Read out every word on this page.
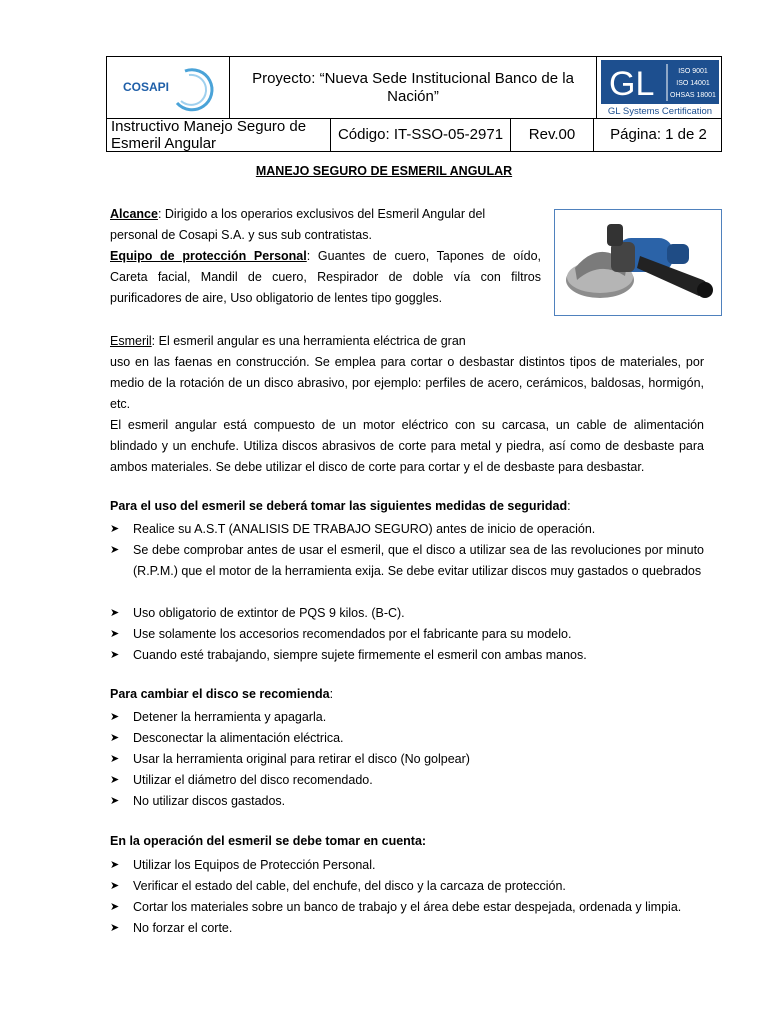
COSAPI
Proyecto: “Nueva Sede Institucional Banco de la Nación”	GL	ISO 9001
ISO 14001
OHSAS 18001
GL Systems Certification
Instructivo Manejo Seguro de Esmeril Angular
Código: IT-SSO-05-2971 Rev.00 Página: 1 de 2
MANEJO SEGURO DE ESMERIL ANGULAR
Alcance: Dirigido a los operarios exclusivos del Esmeril Angular del
personal de Cosapi S.A. y sus sub contratistas.
Equipo de protección Personal: Guantes de cuero, Tapones de oído, Careta facial, Mandil de cuero, Respirador de doble vía con filtros purificadores de aire, Uso obligatorio de lentes tipo goggles.
Esmeril: El esmeril angular es una herramienta eléctrica de gran
uso en las faenas en construcción. Se emplea para cortar o desbastar distintos tipos de materiales, por medio de la rotación de un disco abrasivo, por ejemplo: perfiles de acero, cerámicos, baldosas, hormigón, etc.
El esmeril angular está compuesto de un motor eléctrico con su carcasa, un cable de alimentación blindado y un enchufe. Utiliza discos abrasivos de corte para metal y piedra, así como de desbaste para ambos materiales. Se debe utilizar el disco de corte para cortar y el de desbaste para desbastar.
Para el uso del esmeril se deberá tomar las siguientes medidas de seguridad:
➤ Realice su A.S.T (ANALISIS DE TRABAJO SEGURO) antes de inicio de operación.
➤ Se debe comprobar antes de usar el esmeril, que el disco a utilizar sea de las revoluciones por minuto (R.P.M.) que el motor de la herramienta exija. Se debe evitar utilizar discos muy gastados o quebrados
➤ Uso obligatorio de extintor de PQS 9 kilos. (B-C).
➤ Use solamente los accesorios recomendados por el fabricante para su modelo.
➤ Cuando esté trabajando, siempre sujete firmemente el esmeril con ambas manos.
Para cambiar el disco se recomienda:
➤ Detener la herramienta y apagarla.
➤ Desconectar la alimentación eléctrica.
➤ Usar la herramienta original para retirar el disco (No golpear)
➤ Utilizar el diámetro del disco recomendado.
➤ No utilizar discos gastados.
En la operación del esmeril se debe tomar en cuenta:
➤ Utilizar los Equipos de Protección Personal.
➤ Verificar el estado del cable, del enchufe, del disco y la carcaza de protección.
➤ Cortar los materiales sobre un banco de trabajo y el área debe estar despejada, ordenada y limpia.
➤ No forzar el corte.
